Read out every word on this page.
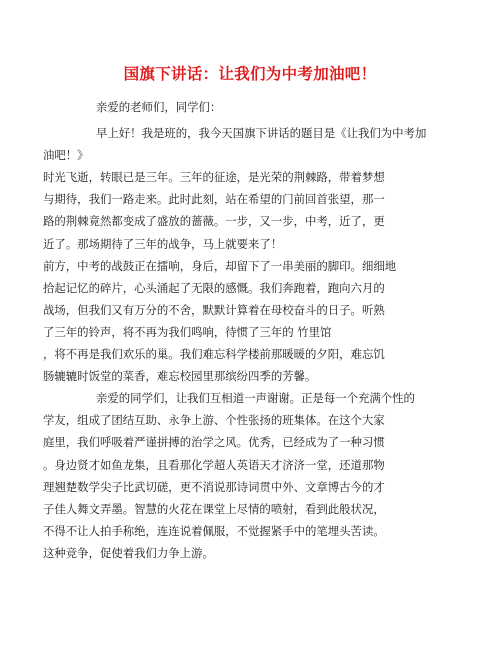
国旗下讲话：让我们为中考加油吧！
亲爱的老师们，同学们：
早上好！我是班的，我今天国旗下讲话的题目是《让我们为中考加
油吧！》
时光飞逝，转眼已是三年。三年的征途，是光荣的荆棘路，带着梦想
与期待，我们一路走来。此时此刻，站在希望的门前回首张望，那一
路的荆棘竟然都变成了盛放的蔷薇。一步，又一步，中考，近了，更
近了。那场期待了三年的战争，马上就要来了！
前方，中考的战鼓正在擂响，身后，却留下了一串美丽的脚印。细细地
拾起记忆的碎片，心头涌起了无限的感慨。我们奔跑着，跑向六月的
战场，但我们又有万分的不舍，默默计算着在母校奋斗的日子。听熟
了三年的铃声，将不再为我们鸣响，待惯了三年的 竹里馆
，将不再是我们欢乐的巢。我们难忘科学楼前那暖暖的夕阳，难忘饥
肠辘辘时饭堂的菜香，难忘校园里那缤纷四季的芳馨。
亲爱的同学们，让我们互相道一声谢谢。正是每一个充满个性的
学友，组成了团结互助、永争上游、个性张扬的班集体。在这个大家
庭里，我们呼吸着严谨拼搏的治学之风。优秀，已经成为了一种习惯
。身边贤才如鱼龙集，且看那化学超人英语天才济济一堂，还道那物
理翘楚数学尖子比武切磋，更不消说那诗词贯中外、文章博古今的才
子佳人舞文弄墨。智慧的火花在课堂上尽情的喷射，看到此般状况，
不得不让人拍手称绝，连连说着佩服，不觉握紧手中的笔埋头苦读。
这种竞争，促使着我们力争上游。
